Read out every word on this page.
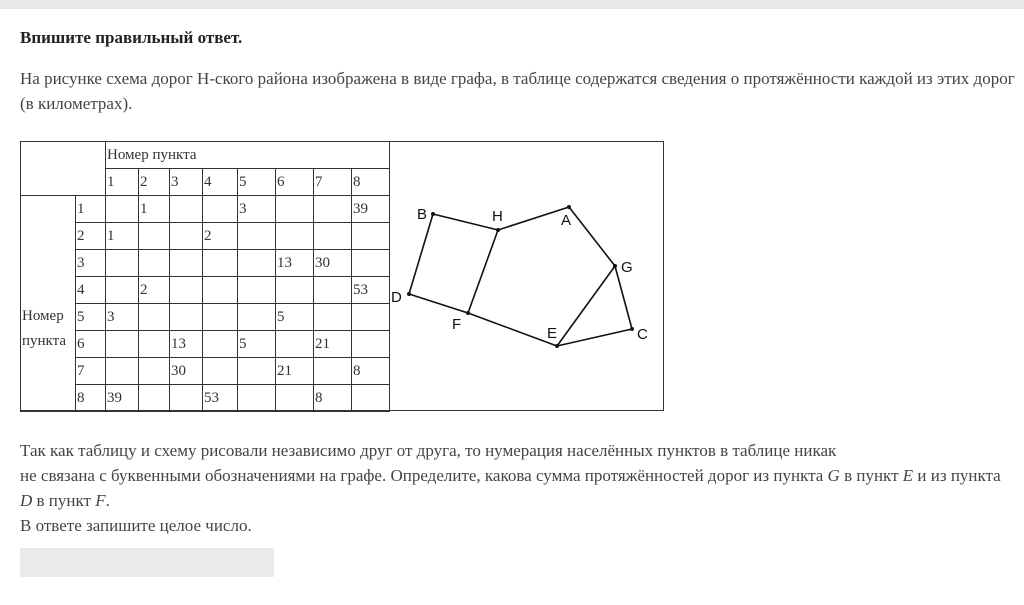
Впишите правильный ответ.
На рисунке схема дорог Н-ского района изображена в виде графа, в таблице содержатся сведения о протяжённости каждой из этих дорог (в километрах).
		Номер пункта							
		1	2	3	4	5	6	7	8

Номер
пункта	1		1			3			39
	2	1			2				
	3						13	30	
	4		2						53
	5	3					5		
	6			13		5		21	
	7			30			21		8
	8	39			53			8	
B	H	A
G
C
E
F
D
Так как таблицу и схему рисовали независимо друг от друга, то нумерация населённых пунктов в таблице никак
не связана с буквенными обозначениями на графе. Определите, какова сумма протяжённостей дорог из пункта G в пункт E и из пункта D в пункт F.
В ответе запишите целое число.
